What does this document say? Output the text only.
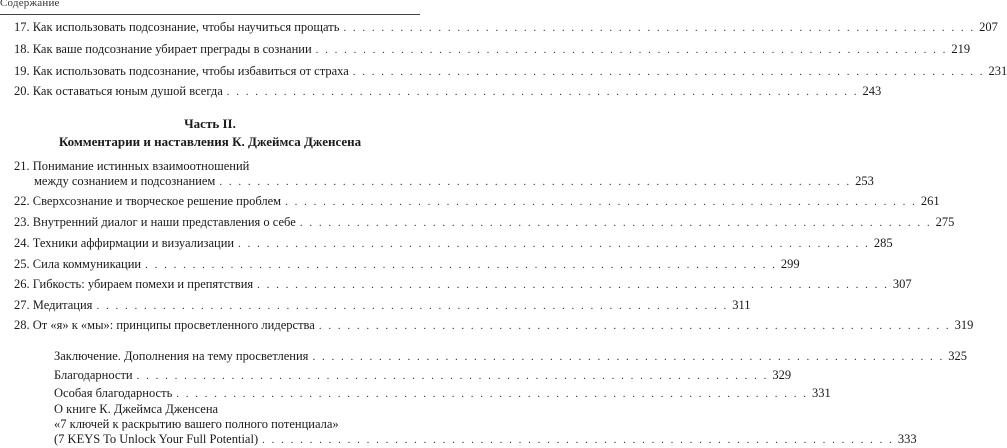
Содержание
17. Как использовать подсознание, чтобы научиться прощать . . .	207
18. Как ваше подсознание убирает преграды в сознании . . .	219
19. Как использовать подсознание, чтобы избавиться от страха . . .	231
20. Как оставаться юным душой всегда . . .	243
Часть II.
Комментарии и наставления К. Джеймса Дженсена
21. Понимание истинных взаимоотношений
между сознанием и подсознанием . . .	253
22. Сверхсознание и творческое решение проблем . . .	261
23. Внутренний диалог и наши представления о себе . . .	275
24. Техники аффирмации и визуализации . . .	285
25. Сила коммуникации . . .	299
26. Гибкость: убираем помехи и препятствия . . .	307
27. Медитация . . .	311
28. От «я» к «мы»: принципы просветленного лидерства . . .	319
Заключение. Дополнения на тему просветления . . .	325
Благодарности . . .	329
Особая благодарность . . .	331
О книге К. Джеймса Дженсена
«7 ключей к раскрытию вашего полного потенциала»
(7 KEYS To Unlock Your Full Potential) . . .	333
